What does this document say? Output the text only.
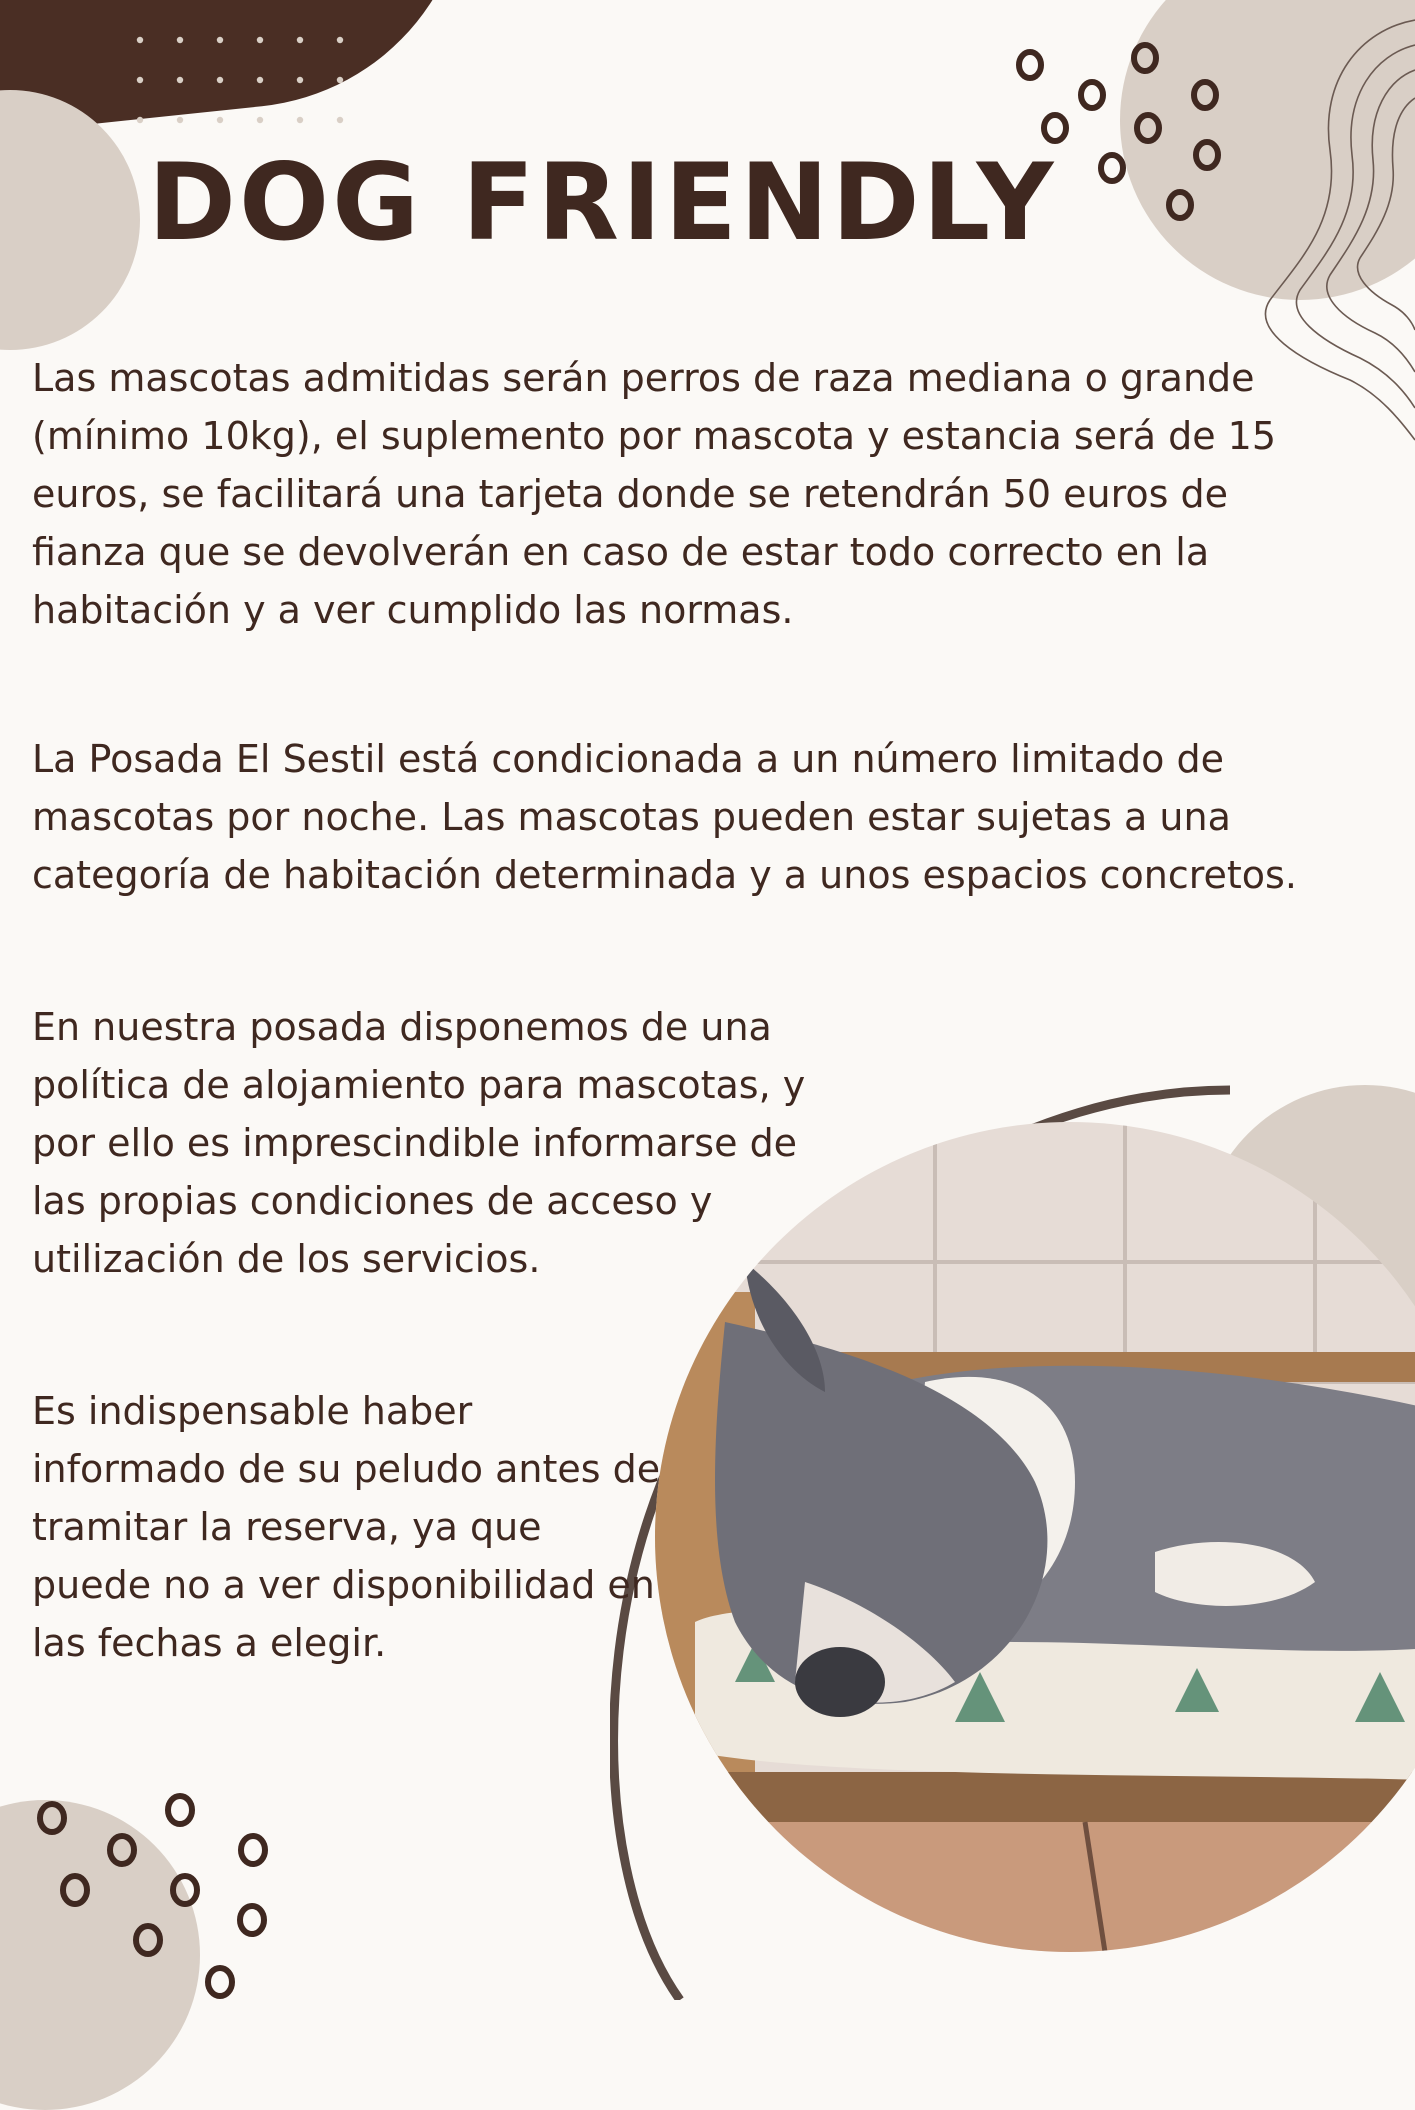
DOG FRIENDLY

Las mascotas admitidas serán perros de raza mediana o grande (mínimo 10kg), el suplemento por mascota y estancia será de 15 euros, se facilitará una tarjeta donde se retendrán 50 euros de fianza que se devolverán en caso de estar todo correcto en la habitación y a ver cumplido las normas.

La Posada El Sestil está condicionada a un número limitado de mascotas por noche. Las mascotas pueden estar sujetas a una categoría de habitación determinada y a unos espacios concretos.

En nuestra posada disponemos de una política de alojamiento para mascotas, y por ello es imprescindible informarse de las propias condiciones de acceso y utilización de los servicios.

Es indispensable haber informado de su peludo antes de tramitar la reserva, ya que puede no a ver disponibilidad en las fechas a elegir.
